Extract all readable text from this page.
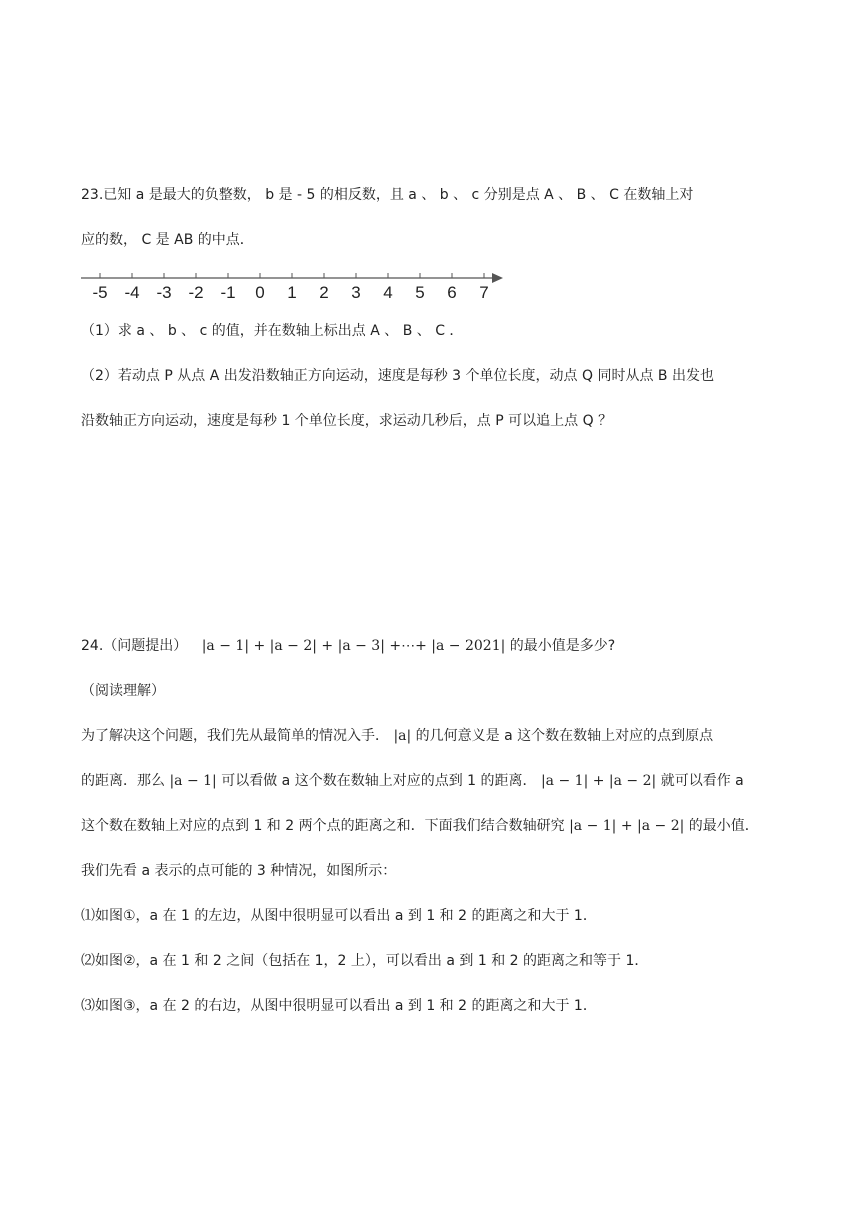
23.已知 a 是最大的负整数， b 是 - 5 的相反数，且 a 、 b 、 c 分别是点 A 、 B 、 C 在数轴上对
应的数， C 是 AB 的中点．
-5 -4 -3 -2 -1 0 1 2 3 4 5 6 7
（1）求 a 、 b 、 c 的值，并在数轴上标出点 A 、 B 、 C ．
（2）若动点 P 从点 A 出发沿数轴正方向运动，速度是每秒 3 个单位长度，动点 Q 同时从点 B 出发也
沿数轴正方向运动，速度是每秒 1 个单位长度，求运动几秒后，点 P 可以追上点 Q ？
24.（问题提出） |a − 1| + |a − 2| + |a − 3| +⋯+ |a − 2021| 的最小值是多少?
（阅读理解）
为了解决这个问题，我们先从最简单的情况入手． |a| 的几何意义是 a 这个数在数轴上对应的点到原点
的距离．那么 |a − 1| 可以看做 a 这个数在数轴上对应的点到 1 的距离． |a − 1| + |a − 2| 就可以看作 a
这个数在数轴上对应的点到 1 和 2 两个点的距离之和．下面我们结合数轴研究 |a − 1| + |a − 2| 的最小值．
我们先看 a 表示的点可能的 3 种情况，如图所示：
⑴如图①，a 在 1 的左边，从图中很明显可以看出 a 到 1 和 2 的距离之和大于 1．
⑵如图②，a 在 1 和 2 之间（包括在 1，2 上），可以看出 a 到 1 和 2 的距离之和等于 1．
⑶如图③，a 在 2 的右边，从图中很明显可以看出 a 到 1 和 2 的距离之和大于 1．
